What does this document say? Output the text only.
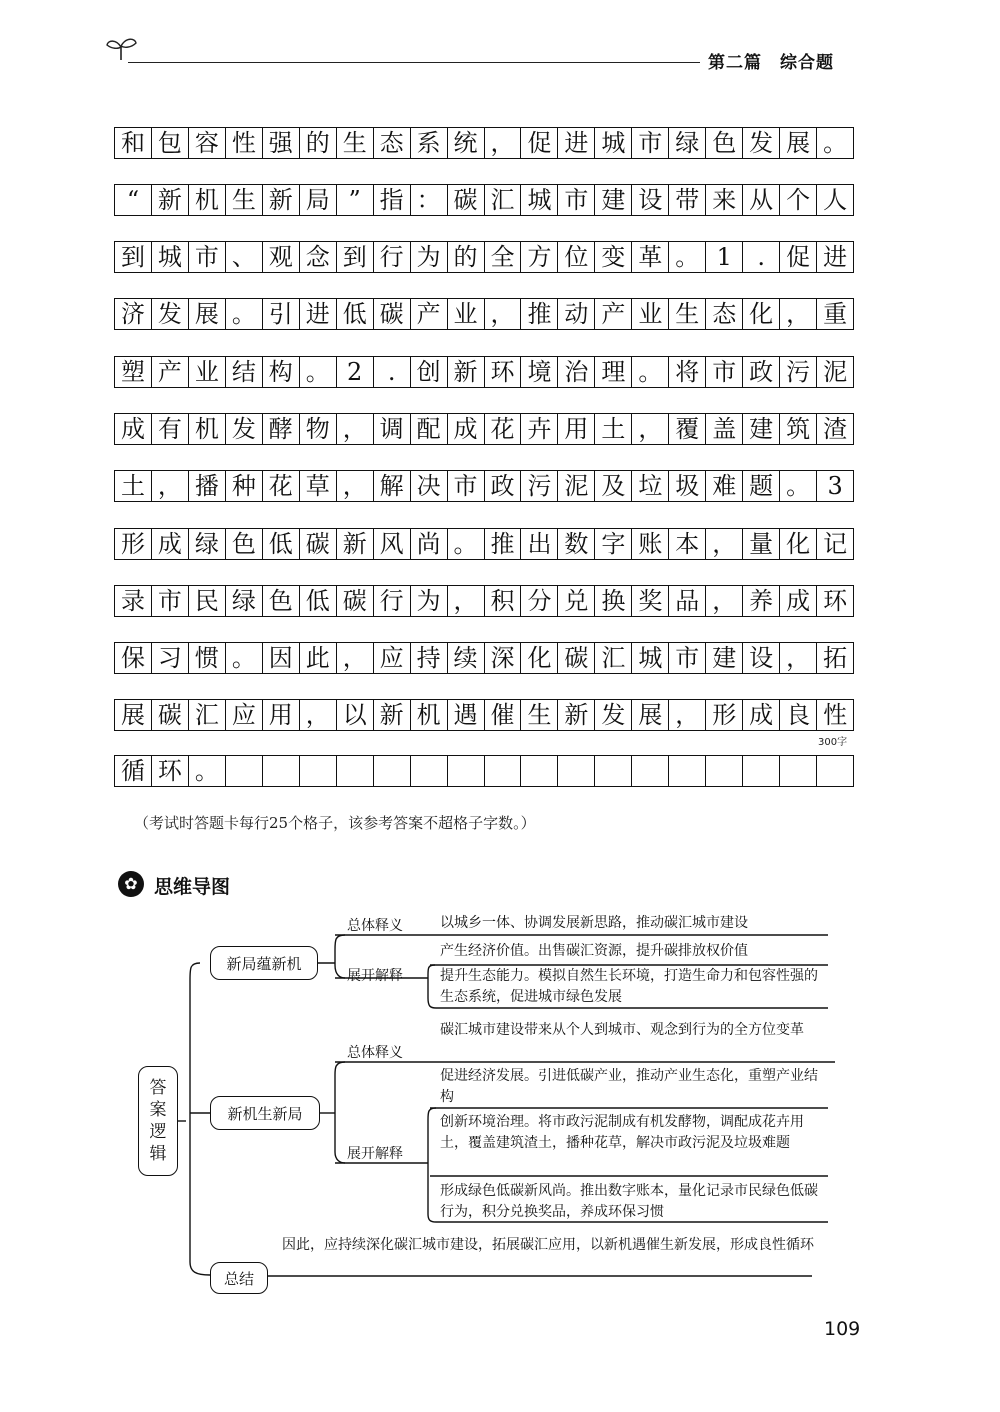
第二篇　综合题
和 包 容 性 强 的 生 态 系 统 ， 促 进 城 市 绿 色 发 展 。
“ 新 机 生 新 局 ” 指 ： 碳 汇 城 市 建 设 带 来 从 个 人
到 城 市 、 观 念 到 行 为 的 全 方 位 变 革 。 1	. 促 进
济 发 展 。 引 进 低 碳 产 业 ， 推 动 产 业 生 态 化 ， 重
塑 产 业 结 构 。 2	. 创 新 环 境 治 理 。 将 市 政 污 泥
成 有 机 发 酵 物 ， 调 配 成 花 卉 用 土 ， 覆 盖 建 筑 渣
土 ， 播 种 花 草 ， 解 决 市 政 污 泥 及 垃 圾 难 题 。 3
形 成 绿 色 低 碳 新 风 尚 。 推 出 数 字 账 本 ， 量 化 记
录 市 民 绿 色 低 碳 行 为 ， 积 分 兑 换 奖 品 ， 养 成 环
保 习 惯 。 因 此 ， 应 持 续 深 化 碳 汇 城 市 建 设 ， 拓
展 碳 汇 应 用 ， 以 新 机 遇 催 生 新 发 展 ， 形 成 良 性
循 环 。
300字
（考试时答题卡每行25个格子，该参考答案不超格子字数。）
✿ 思维导图
答
案
逻
辑
新局蕴新机
总体释义	以城乡一体、协调发展新思路，推动碳汇城市建设
展开解释
产生经济价值。出售碳汇资源，提升碳排放权价值
提升生态能力。模拟自然生长环境，打造生命力和包容性强的生态系统，促进城市绿色发展
新机生新局
总体释义
碳汇城市建设带来从个人到城市、观念到行为的全方位变革
展开解释
促进经济发展。引进低碳产业，推动产业生态化，重塑产业结构
创新环境治理。将市政污泥制成有机发酵物，调配成花卉用土，覆盖建筑渣土，播种花草，解决市政污泥及垃圾难题
形成绿色低碳新风尚。推出数字账本，量化记录市民绿色低碳行为，积分兑换奖品，养成环保习惯
总结
因此，应持续深化碳汇城市建设，拓展碳汇应用，以新机遇催生新发展，形成良性循环
109
